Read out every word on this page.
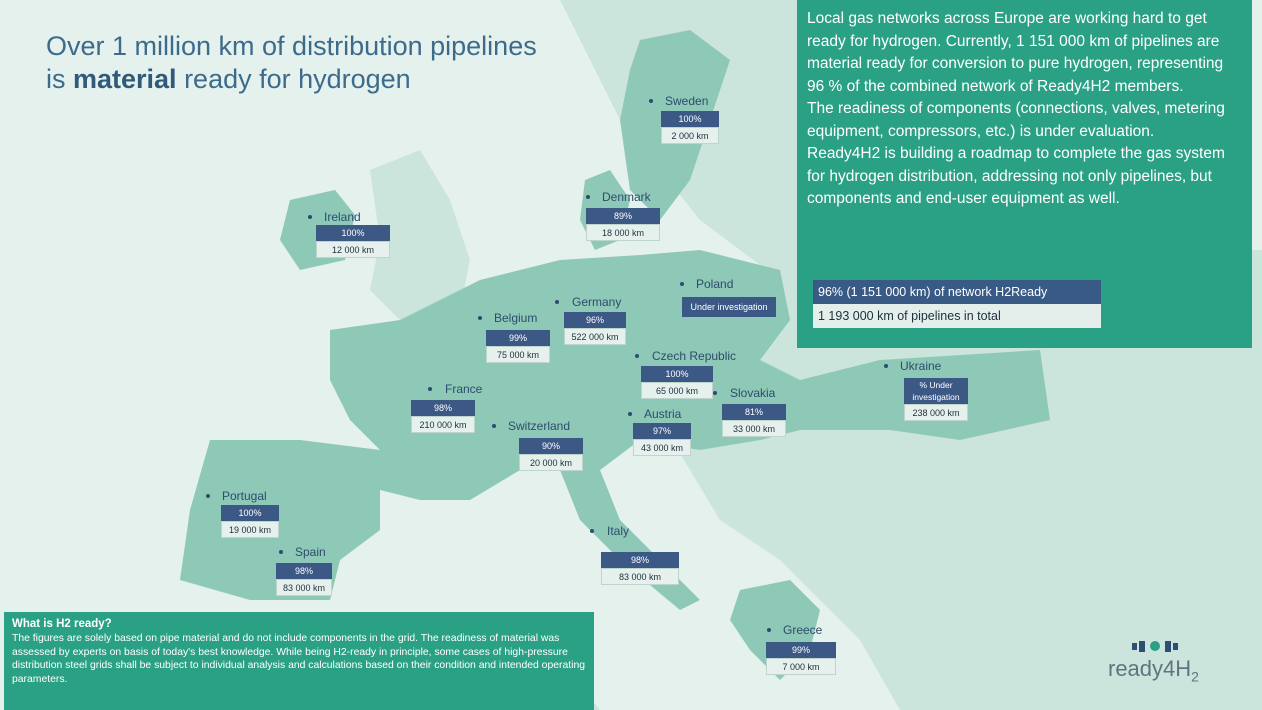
Over 1 million km of distribution pipelines
is material ready for hydrogen

Local gas networks across Europe are working hard to get ready for hydrogen. Currently, 1 151 000 km of pipelines are material ready for conversion to pure hydrogen, representing 96 % of the combined network of Ready4H2 members.

The readiness of components (connections, valves, metering equipment, compressors, etc.) is under evaluation.

Ready4H2 is building a roadmap to complete the gas system for hydrogen distribution, addressing not only pipelines, but components and end-user equipment as well.

96% (1 151 000 km) of network H2Ready
1 193 000 km of pipelines in total
Sweden
100%
2 000 km
Denmark
89%
18 000 km
Ireland
100%
12 000 km
Poland
Under investigation
Belgium
99%
75 000 km
Germany
96%
522 000 km
Czech Republic
100%
65 000 km
Ukraine
% Under investigation
238 000 km
France
98%
210 000 km
Slovakia
81%
33 000 km
Austria
97%
43 000 km
Switzerland
90%
20 000 km
Portugal
100%
19 000 km
Spain
98%
83 000 km
Italy
98%
83 000 km
Greece
99%
7 000 km
What is H2 ready?
The figures are solely based on pipe material and do not include components in the grid. The readiness of material was assessed by experts on basis of today's best knowledge. While being H2-ready in principle, some cases of high-pressure distribution steel grids shall be subject to individual analysis and calculations based on their condition and intended operating parameters.	$ready4H_2$
